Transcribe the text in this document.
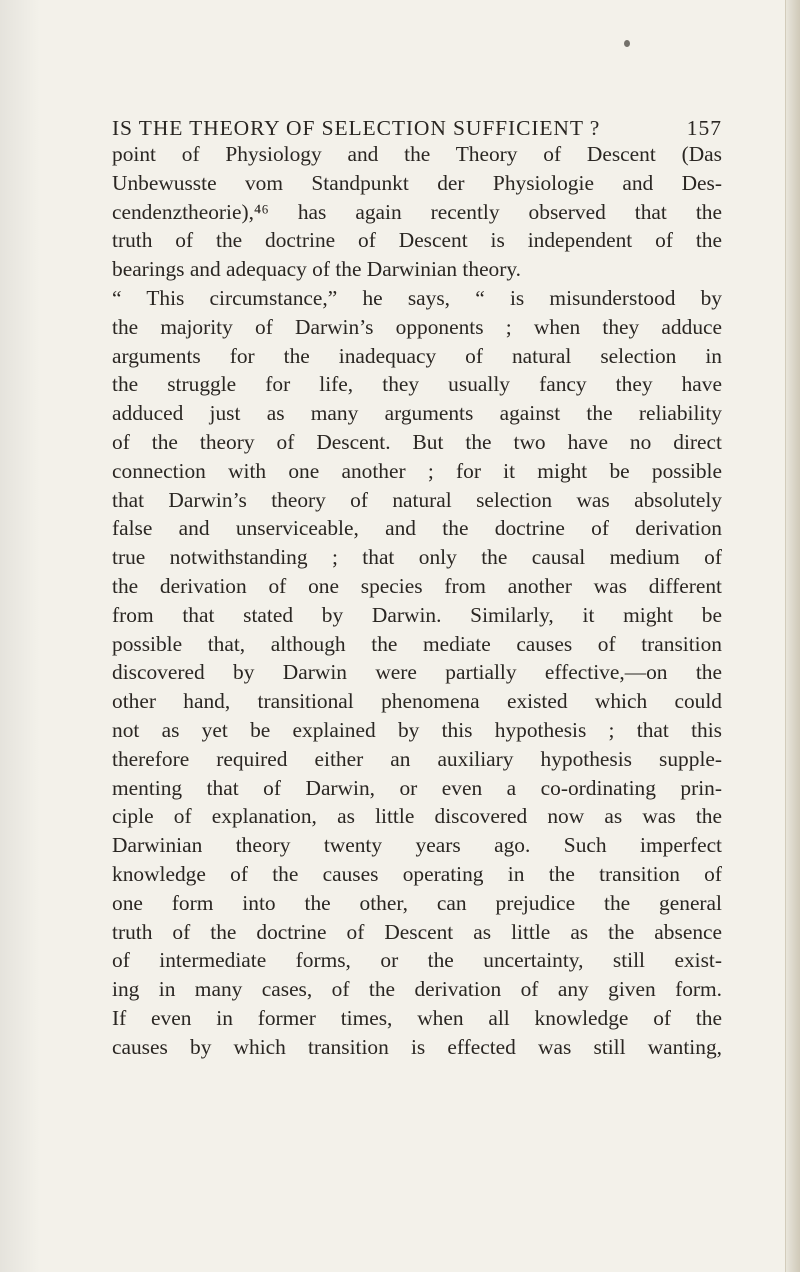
IS THE THEORY OF SELECTION SUFFICIENT ?	157
point of Physiology and the Theory of Descent (Das
Unbewusste vom Standpunkt der Physiologie and Des-
cendenztheorie),⁴⁶ has again recently observed that the
truth of the doctrine of Descent is independent of the
bearings and adequacy of the Darwinian theory.
“ This circumstance,” he says, “ is misunderstood by
the majority of Darwin’s opponents ; when they adduce
arguments for the inadequacy of natural selection in
the struggle for life, they usually fancy they have
adduced just as many arguments against the reliability
of the theory of Descent. But the two have no direct
connection with one another ; for it might be possible
that Darwin’s theory of natural selection was absolutely
false and unserviceable, and the doctrine of derivation
true notwithstanding ; that only the causal medium of
the derivation of one species from another was different
from that stated by Darwin. Similarly, it might be
possible that, although the mediate causes of transition
discovered by Darwin were partially effective,—on the
other hand, transitional phenomena existed which could
not as yet be explained by this hypothesis ; that this
therefore required either an auxiliary hypothesis supple-
menting that of Darwin, or even a co-ordinating prin-
ciple of explanation, as little discovered now as was the
Darwinian theory twenty years ago. Such imperfect
knowledge of the causes operating in the transition of
one form into the other, can prejudice the general
truth of the doctrine of Descent as little as the absence
of intermediate forms, or the uncertainty, still exist-
ing in many cases, of the derivation of any given form.
If even in former times, when all knowledge of the
causes by which transition is effected was still wanting,
